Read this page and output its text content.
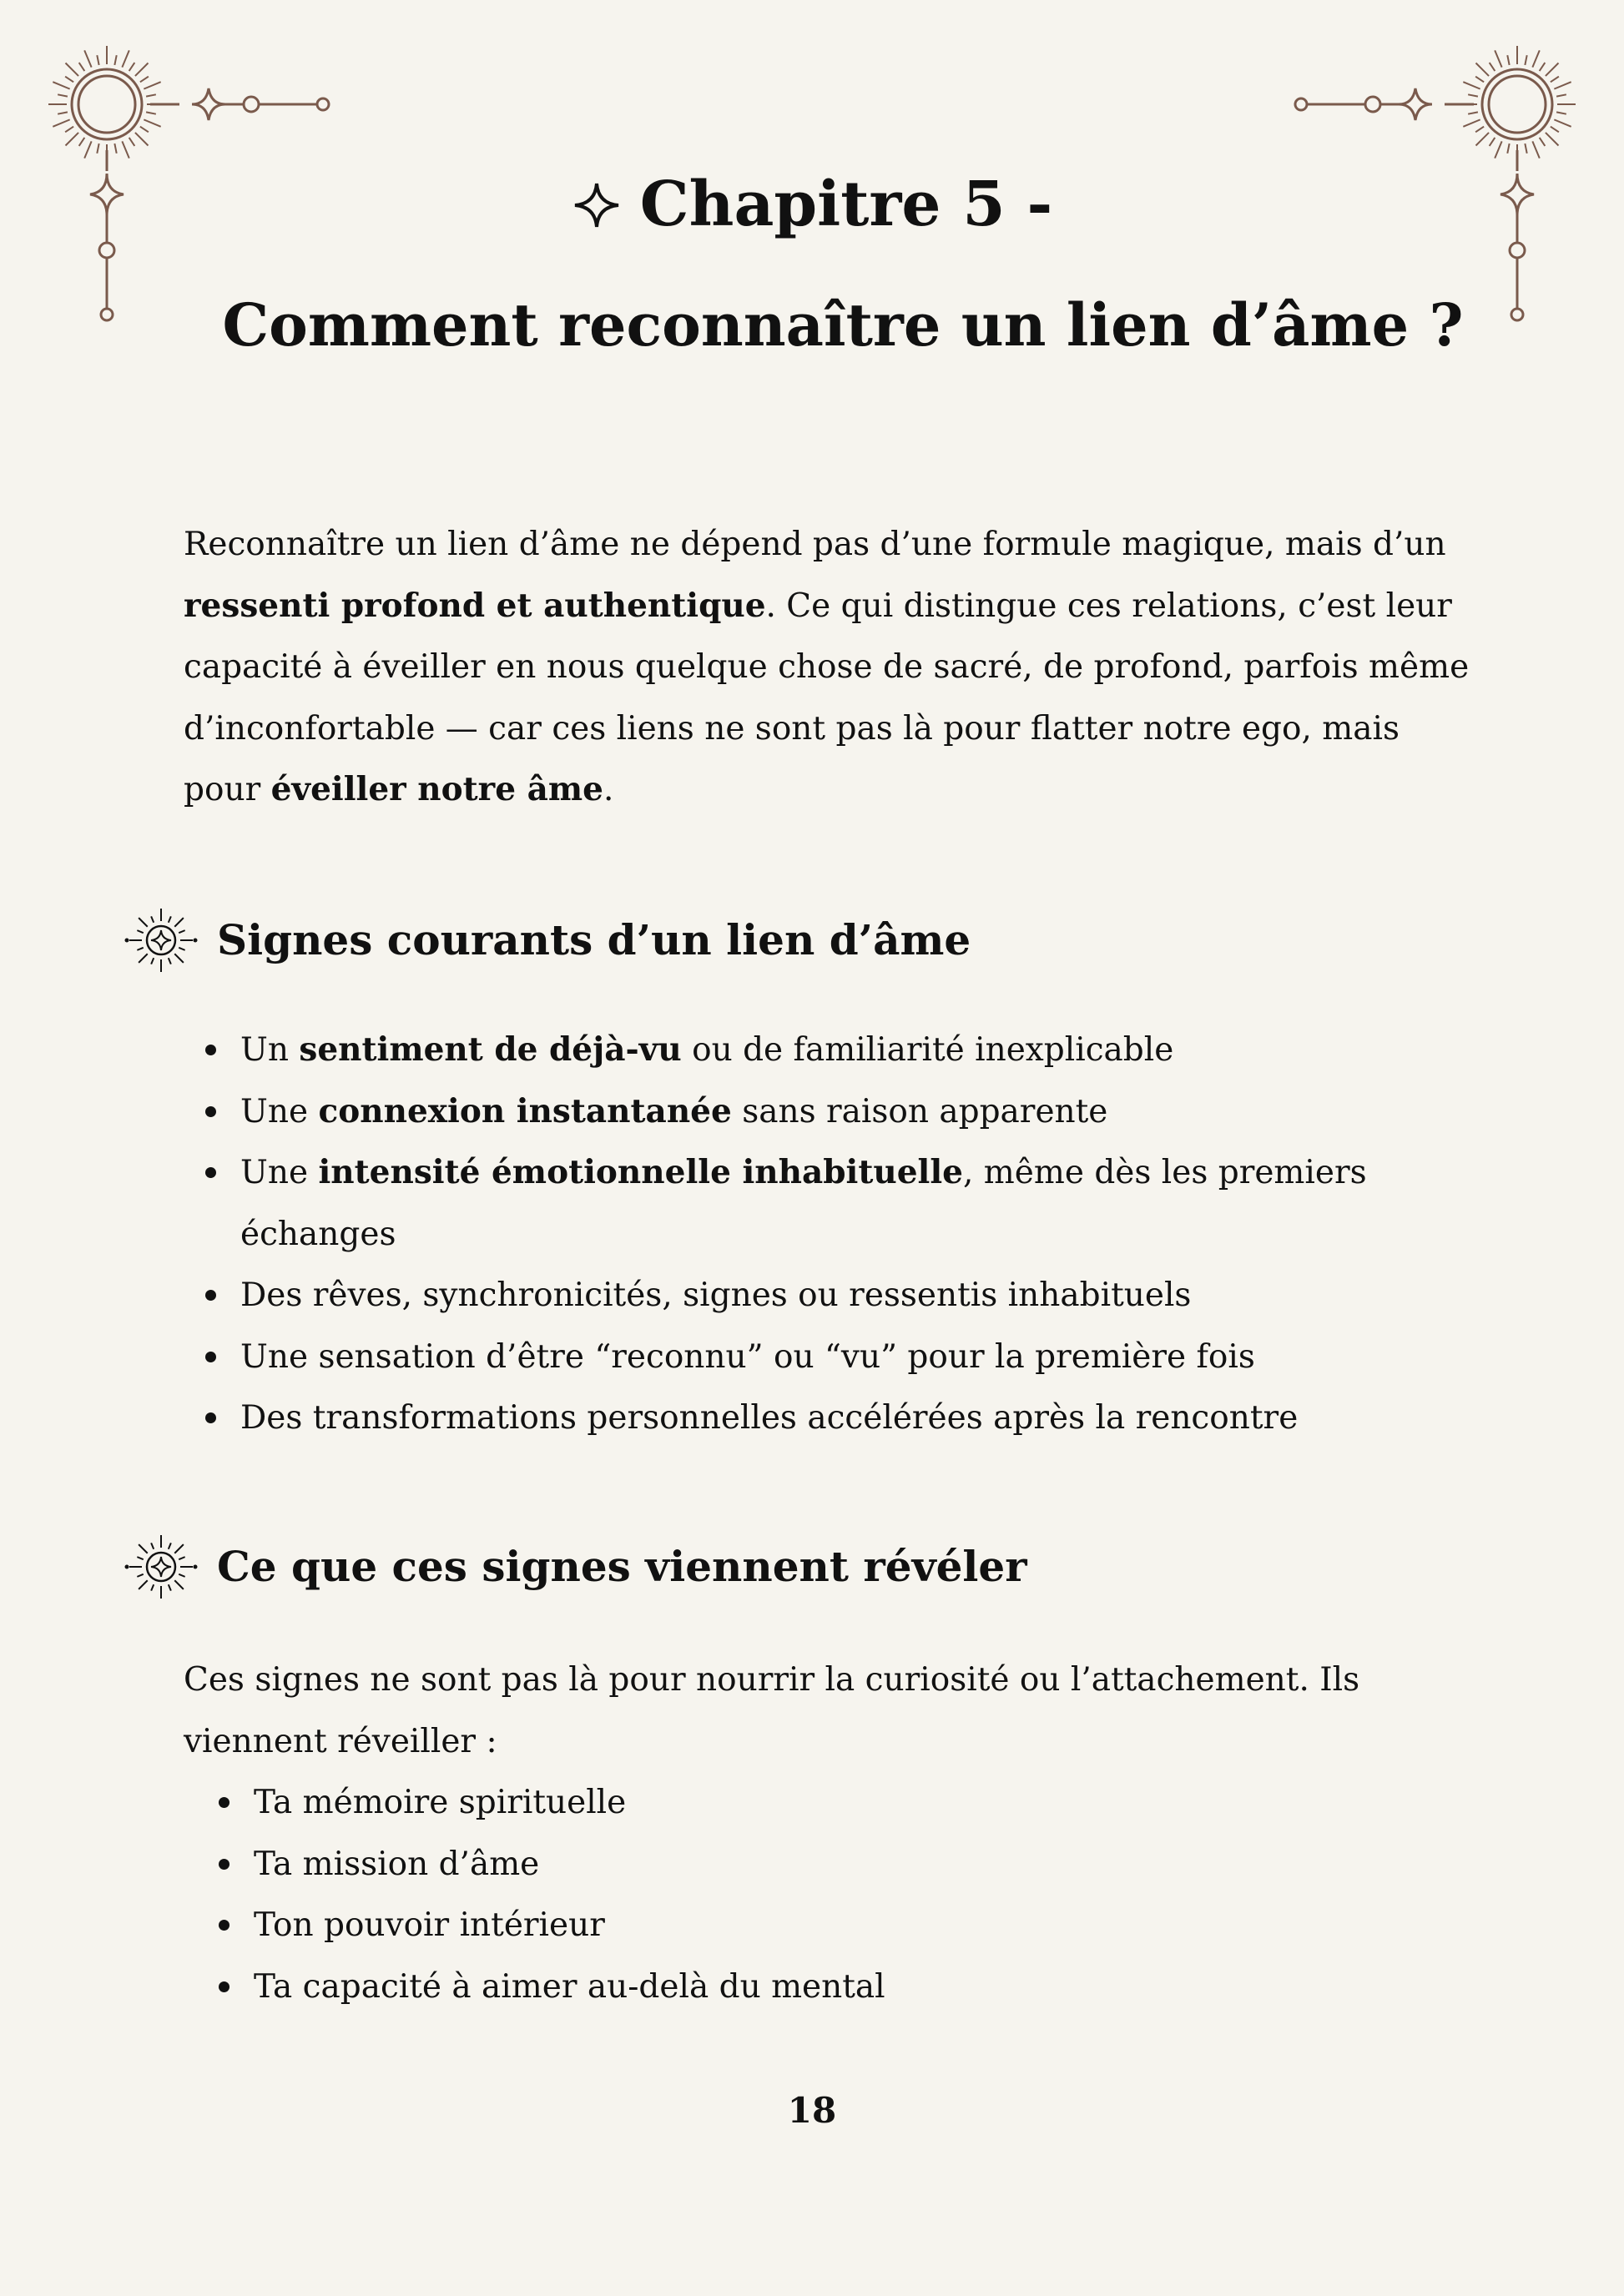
Chapitre 5 -
Comment reconnaître un lien d’âme ?

Reconnaître un lien d’âme ne dépend pas d’une formule magique, mais d’un ressenti profond et authentique. Ce qui distingue ces relations, c’est leur capacité à éveiller en nous quelque chose de sacré, de profond, parfois même d’inconfortable — car ces liens ne sont pas là pour flatter notre ego, mais pour éveiller notre âme.

Signes courants d’un lien d’âme
Un sentiment de déjà-vu ou de familiarité inexplicable
Une connexion instantanée sans raison apparente
Une intensité émotionnelle inhabituelle, même dès les premiers échanges
Des rêves, synchronicités, signes ou ressentis inhabituels
Une sensation d’être “reconnu” ou “vu” pour la première fois
Des transformations personnelles accélérées après la rencontre
Ce que ces signes viennent révéler

Ces signes ne sont pas là pour nourrir la curiosité ou l’attachement. Ils viennent réveiller :

Ta mémoire spirituelle
Ta mission d’âme
Ton pouvoir intérieur
Ta capacité à aimer au-delà du mental
18
